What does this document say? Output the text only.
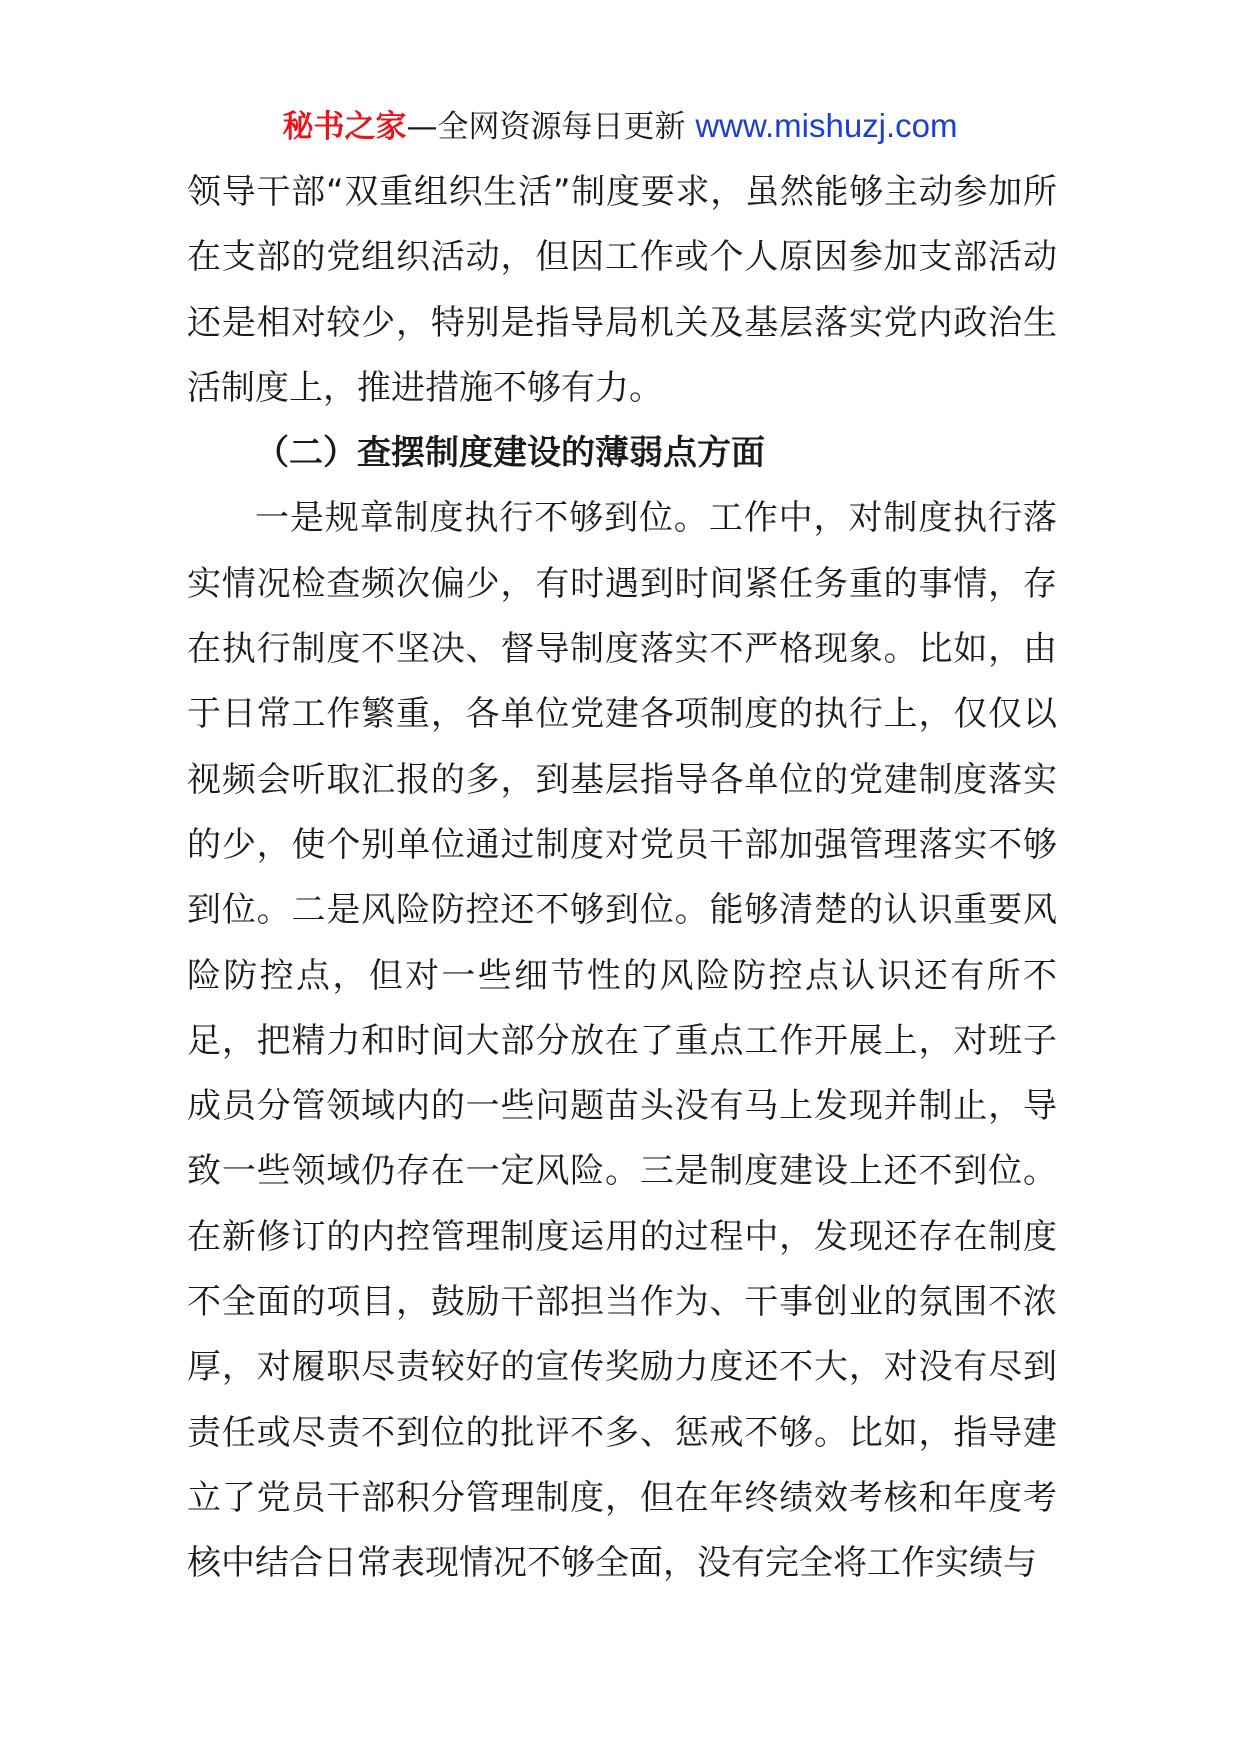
秘书之家—全网资源每日更新 www.mishuzj.com

领导干部“双重组织生活”制度要求，虽然能够主动参加所在支部的党组织活动，但因工作或个人原因参加支部活动还是相对较少，特别是指导局机关及基层落实党内政治生活制度上，推进措施不够有力。

（二）查摆制度建设的薄弱点方面

一是规章制度执行不够到位。工作中，对制度执行落实情况检查频次偏少，有时遇到时间紧任务重的事情，存在执行制度不坚决、督导制度落实不严格现象。比如，由于日常工作繁重，各单位党建各项制度的执行上，仅仅以视频会听取汇报的多，到基层指导各单位的党建制度落实的少，使个别单位通过制度对党员干部加强管理落实不够到位。二是风险防控还不够到位。能够清楚的认识重要风险防控点，但对一些细节性的风险防控点认识还有所不足，把精力和时间大部分放在了重点工作开展上，对班子成员分管领域内的一些问题苗头没有马上发现并制止，导致一些领域仍存在一定风险。三是制度建设上还不到位。在新修订的内控管理制度运用的过程中，发现还存在制度不全面的项目，鼓励干部担当作为、干事创业的氛围不浓厚，对履职尽责较好的宣传奖励力度还不大，对没有尽到责任或尽责不到位的批评不多、惩戒不够。比如，指导建立了党员干部积分管理制度，但在年终绩效考核和年度考核中结合日常表现情况不够全面，没有完全将工作实绩与
